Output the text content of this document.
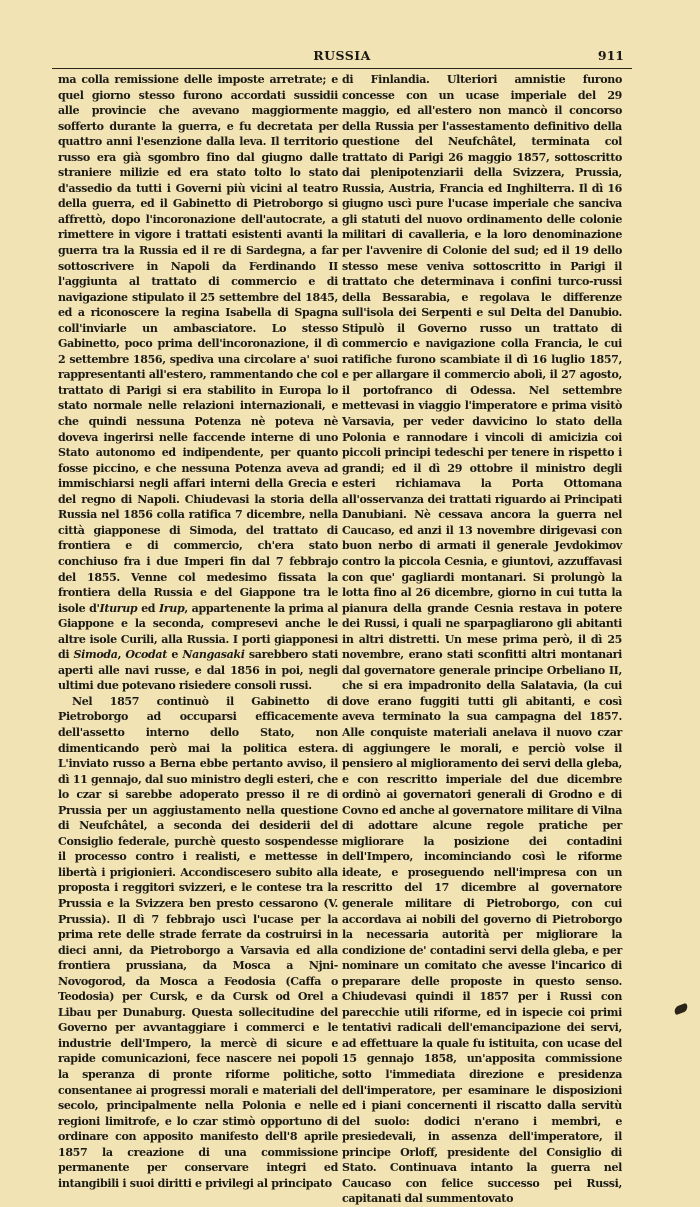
RUSSIA	911

ma colla remissione delle imposte arretrate; e quel giorno stesso furono accordati sussidii alle provincie che avevano maggiormente sofferto durante la guerra, e fu decretata per quattro anni l'esenzione dalla leva. Il territorio russo era già sgombro fino dal giugno dalle straniere milizie ed era stato tolto lo stato d'assedio da tutti i Governi più vicini al teatro della guerra, ed il Gabinetto di Pietroborgo si affrettò, dopo l'incoronazione dell'autocrate, a rimettere in vigore i trattati esistenti avanti la guerra tra la Russia ed il re di Sardegna, a far sottoscrivere in Napoli da Ferdinando II l'aggiunta al trattato di commercio e di navigazione stipulato il 25 settembre del 1845, ed a riconoscere la regina Isabella di Spagna coll'inviarle un ambasciatore. Lo stesso Gabinetto, poco prima dell'incoronazione, il dì 2 settembre 1856, spediva una circolare a' suoi rappresentanti all'estero, rammentando che col trattato di Parigi si era stabilito in Europa lo stato normale nelle relazioni internazionali, e che quindi nessuna Potenza nè poteva nè doveva ingerirsi nelle faccende interne di uno Stato autonomo ed indipendente, per quanto fosse piccino, e che nessuna Potenza aveva ad immischiarsi negli affari interni della Grecia e del regno di Napoli. Chiudevasi la storia della Russia nel 1856 colla ratifica 7 dicembre, nella città giapponese di Simoda, del trattato di frontiera e di commercio, ch'era stato conchiuso fra i due Imperi fin dal 7 febbrajo del 1855. Venne col medesimo fissata la frontiera della Russia e del Giappone tra le isole d'Iturup ed Irup, appartenente la prima al Giappone e la seconda, compresevi anche le altre isole Curili, alla Russia. I porti giapponesi di Simoda, Ocodat e Nangasaki sarebbero stati aperti alle navi russe, e dal 1856 in poi, negli ultimi due potevano risiedere consoli russi.

Nel 1857 continuò il Gabinetto di Pietroborgo ad occuparsi efficacemente dell'assetto interno dello Stato, non dimenticando però mai la politica estera. L'inviato russo a Berna ebbe pertanto avviso, il dì 11 gennajo, dal suo ministro degli esteri, che lo czar si sarebbe adoperato presso il re di Prussia per un aggiustamento nella questione di Neufchâtel, a seconda dei desiderii del Consiglio federale, purchè questo sospendesse il processo contro i realisti, e mettesse in libertà i prigionieri. Accondiscesero subito alla proposta i reggitori svizzeri, e le contese tra la Prussia e la Svizzera ben presto cessarono (V. Prussia). Il dì 7 febbrajo uscì l'ucase per la prima rete delle strade ferrate da costruirsi in dieci anni, da Pietroborgo a Varsavia ed alla frontiera prussiana, da Mosca a Njni-Novogorod, da Mosca a Feodosia (Caffa o Teodosia) per Cursk, e da Cursk od Orel a Libau per Dunaburg. Questa sollecitudine del Governo per avvantaggiare i commerci e le industrie dell'Impero, la mercè di sicure e rapide comunicazioni, fece nascere nei popoli la speranza di pronte riforme politiche, consentanee ai progressi morali e materiali del secolo, principalmente nella Polonia e nelle regioni limitrofe, e lo czar stimò opportuno di ordinare con apposito manifesto dell'8 aprile 1857 la creazione di una commissione permanente per conservare integri ed intangibili i suoi diritti e privilegi al principato

di Finlandia. Ulteriori amnistie furono concesse con un ucase imperiale del 29 maggio, ed all'estero non mancò il concorso della Russia per l'assestamento definitivo della questione del Neufchâtel, terminata col trattato di Parigi 26 maggio 1857, sottoscritto dai plenipotenziarii della Svizzera, Prussia, Russia, Austria, Francia ed Inghilterra. Il dì 16 giugno uscì pure l'ucase imperiale che sanciva gli statuti del nuovo ordinamento delle colonie militari di cavalleria, e la loro denominazione per l'avvenire di Colonie del sud; ed il 19 dello stesso mese veniva sottoscritto in Parigi il trattato che determinava i confini turco-russi della Bessarabia, e regolava le differenze sull'isola dei Serpenti e sul Delta del Danubio. Stipulò il Governo russo un trattato di commercio e navigazione colla Francia, le cui ratifiche furono scambiate il dì 16 luglio 1857, e per allargare il commercio abolì, il 27 agosto, il portofranco di Odessa. Nel settembre mettevasi in viaggio l'imperatore e prima visitò Varsavia, per veder davvicino lo stato della Polonia e rannodare i vincoli di amicizia coi piccoli principi tedeschi per tenere in rispetto i grandi; ed il dì 29 ottobre il ministro degli esteri richiamava la Porta Ottomana all'osservanza dei trattati riguardo ai Principati Danubiani. Nè cessava ancora la guerra nel Caucaso, ed anzi il 13 novembre dirigevasi con buon nerbo di armati il generale Jevdokimov contro la piccola Cesnia, e giuntovi, azzuffavasi con que' gagliardi montanari. Si prolungò la lotta fino al 26 dicembre, giorno in cui tutta la pianura della grande Cesnia restava in potere dei Russi, i quali ne sparpagliarono gli abitanti in altri distretti. Un mese prima però, il dì 25 novembre, erano stati sconfitti altri montanari dal governatore generale principe Orbeliano II, che si era impadronito della Salatavia, (la cui dove erano fuggiti tutti gli abitanti, e così aveva terminato la sua campagna del 1857. Alle conquiste materiali anelava il nuovo czar di aggiungere le morali, e perciò volse il pensiero al miglioramento dei servi della gleba, e con rescritto imperiale del due dicembre ordinò ai governatori generali di Grodno e di Covno ed anche al governatore militare di Vilna di adottare alcune regole pratiche per migliorare la posizione dei contadini dell'Impero, incominciando così le riforme ideate, e proseguendo nell'impresa con un rescritto del 17 dicembre al governatore generale militare di Pietroborgo, con cui accordava ai nobili del governo di Pietroborgo la necessaria autorità per migliorare la condizione de' contadini servi della gleba, e per nominare un comitato che avesse l'incarico di preparare delle proposte in questo senso. Chiudevasi quindi il 1857 per i Russi con parecchie utili riforme, ed in ispecie coi primi tentativi radicali dell'emancipazione dei servi, ad effettuare la quale fu istituita, con ucase del 15 gennajo 1858, un'apposita commissione sotto l'immediata direzione e presidenza dell'imperatore, per esaminare le disposizioni ed i piani concernenti il riscatto dalla servitù del suolo: dodici n'erano i membri, e presiedevali, in assenza dell'imperatore, il principe Orloff, presidente del Consiglio di Stato. Continuava intanto la guerra nel Caucaso con felice successo pei Russi, capitanati dal summentovato
